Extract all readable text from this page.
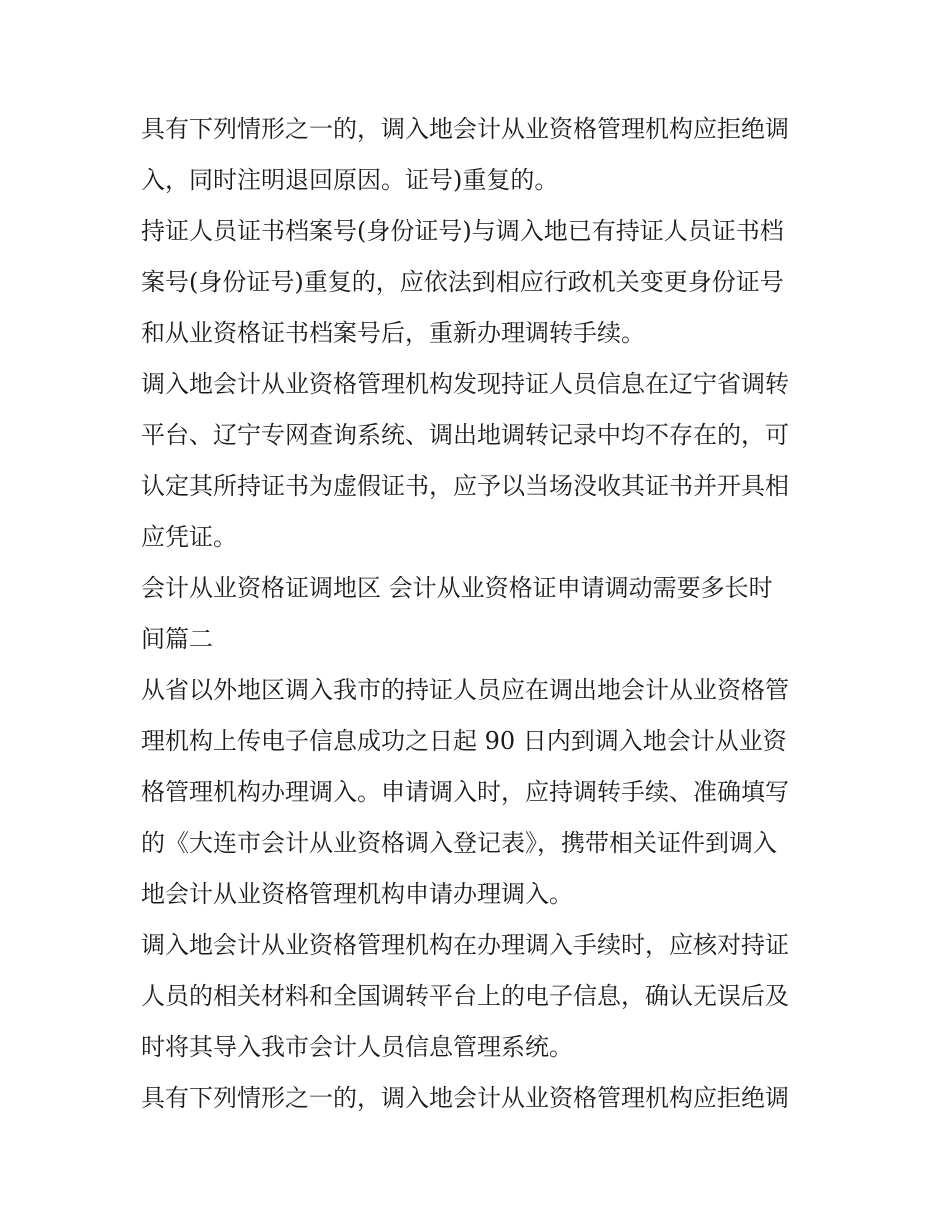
具有下列情形之一的，调入地会计从业资格管理机构应拒绝调
入，同时注明退回原因。证号)重复的。
持证人员证书档案号(身份证号)与调入地已有持证人员证书档
案号(身份证号)重复的，应依法到相应行政机关变更身份证号
和从业资格证书档案号后，重新办理调转手续。
调入地会计从业资格管理机构发现持证人员信息在辽宁省调转
平台、辽宁专网查询系统、调出地调转记录中均不存在的，可
认定其所持证书为虚假证书，应予以当场没收其证书并开具相
应凭证。
会计从业资格证调地区 会计从业资格证申请调动需要多长时
间篇二
从省以外地区调入我市的持证人员应在调出地会计从业资格管
理机构上传电子信息成功之日起 90 日内到调入地会计从业资
格管理机构办理调入。申请调入时，应持调转手续、准确填写
的《大连市会计从业资格调入登记表》，携带相关证件到调入
地会计从业资格管理机构申请办理调入。
调入地会计从业资格管理机构在办理调入手续时，应核对持证
人员的相关材料和全国调转平台上的电子信息，确认无误后及
时将其导入我市会计人员信息管理系统。
具有下列情形之一的，调入地会计从业资格管理机构应拒绝调
